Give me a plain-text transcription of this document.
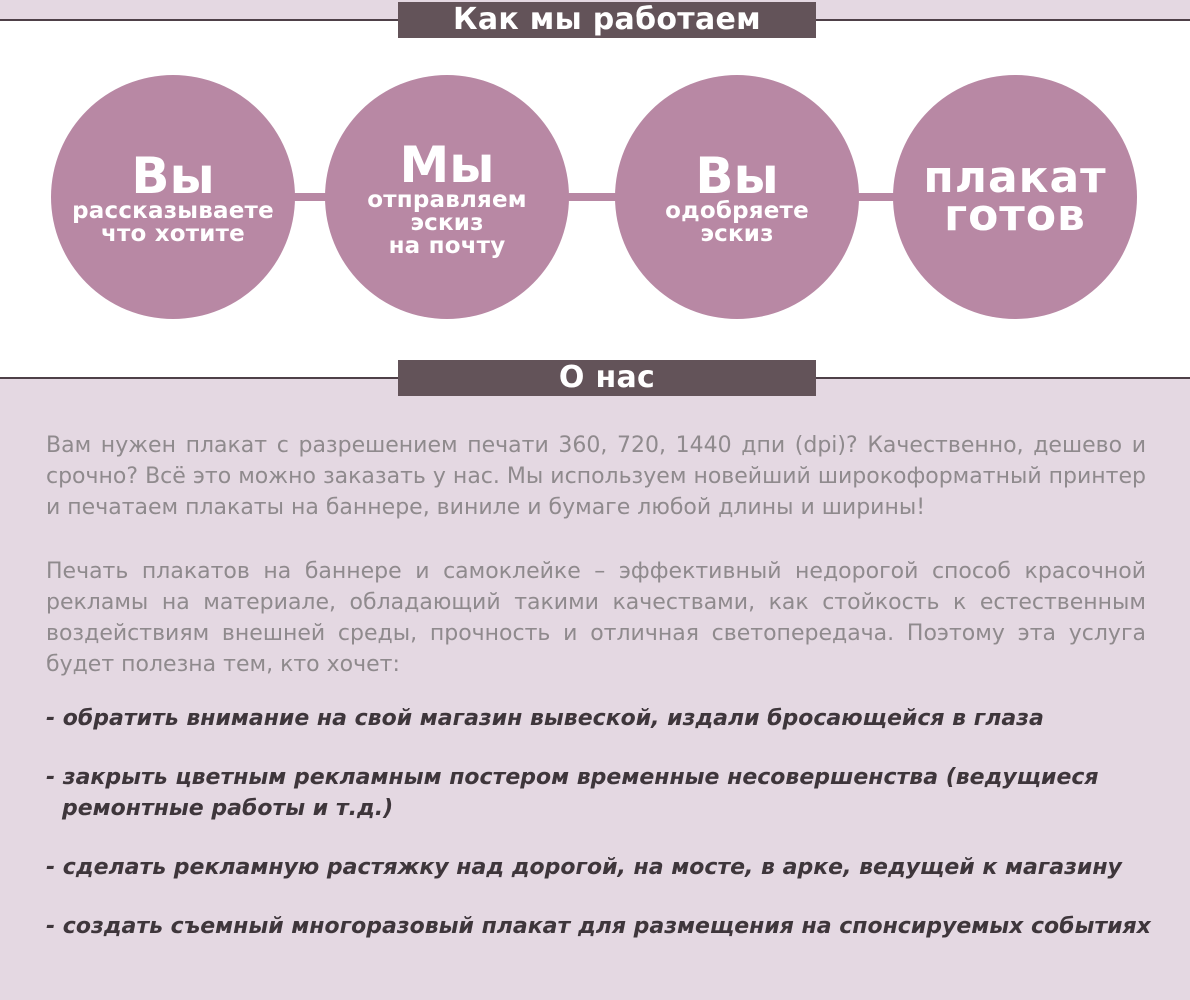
Как мы работаем
Вы
рассказываете
что хотите
Мы
отправляем
эскиз
на почту
Вы
одобряете
эскиз
плакат
готов
О нас

Вам нужен плакат с разрешением печати 360, 720, 1440 дпи (dpi)? Качественно, дешево и срочно? Всё это можно заказать у нас. Мы используем новейший широкоформатный принтер и печатаем плакаты на баннере, виниле и бумаге любой длины и ширины!

Печать плакатов на баннере и самоклейке – эффективный недорогой способ красочной рекламы на материале, обладающий такими качествами, как стойкость к естественным воздействиям внешней среды, прочность и отличная светопередача. Поэтому эта услуга будет полезна тем, кто хочет:

- обратить внимание на свой магазин вывеской, издали бросающейся в глаза

- закрыть цветным рекламным постером временные несовершенства (ведущиеся ремонтные работы и т.д.)

- сделать рекламную растяжку над дорогой, на мосте, в арке, ведущей к магазину

- создать съемный многоразовый плакат для размещения на спонсируемых событиях
